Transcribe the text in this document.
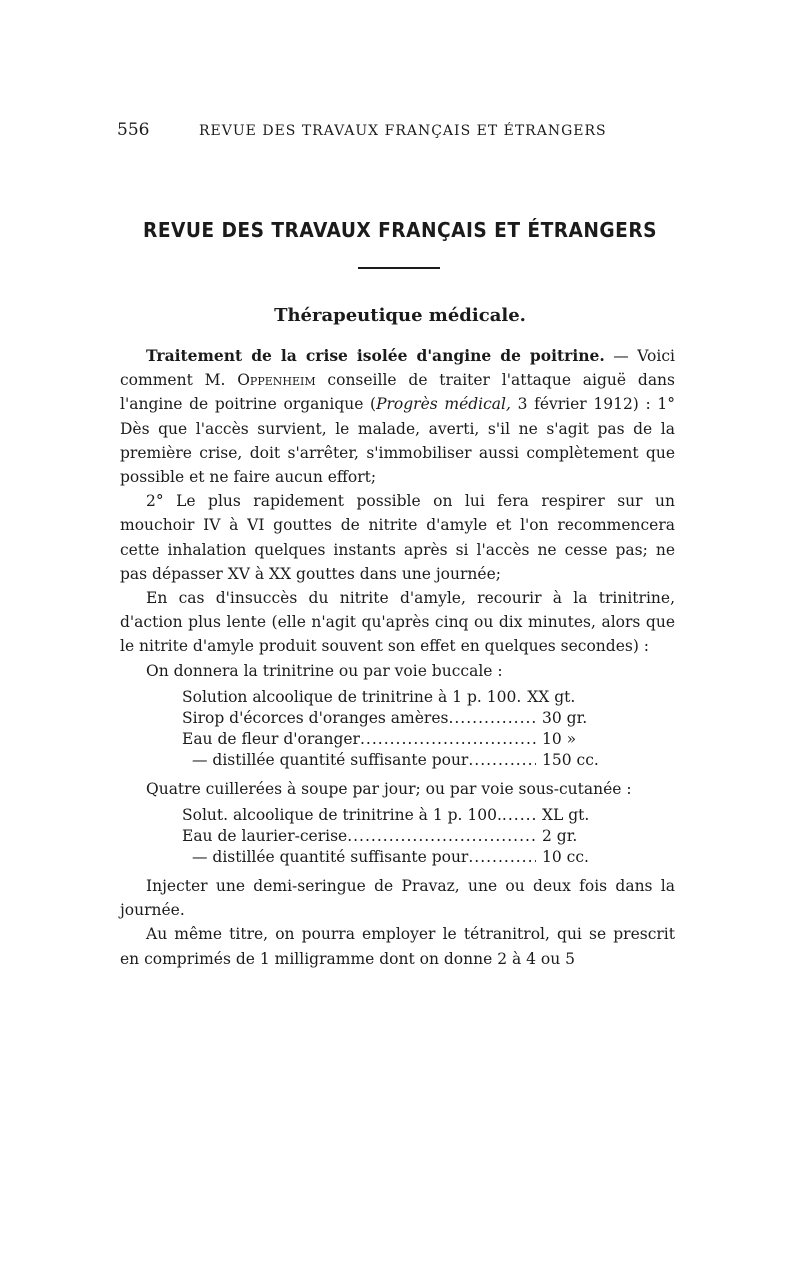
556	REVUE DES TRAVAUX FRANÇAIS ET ÉTRANGERS
REVUE DES TRAVAUX FRANÇAIS ET ÉTRANGERS
Thérapeutique médicale.

Traitement de la crise isolée d'angine de poitrine. — Voici comment M. Oppenheim conseille de traiter l'attaque aiguë dans l'angine de poitrine organique (Progrès médical, 3 février 1912) : 1° Dès que l'accès survient, le malade, averti, s'il ne s'agit pas de la première crise, doit s'arrêter, s'immobiliser aussi complètement que possible et ne faire aucun effort;

2° Le plus rapidement possible on lui fera respirer sur un mouchoir IV à VI gouttes de nitrite d'amyle et l'on recommencera cette inhalation quelques instants après si l'accès ne cesse pas; ne pas dépasser XV à XX gouttes dans une journée;

En cas d'insuccès du nitrite d'amyle, recourir à la trinitrine, d'action plus lente (elle n'agit qu'après cinq ou dix minutes, alors que le nitrite d'amyle produit souvent son effet en quelques secondes) :

On donnera la trinitrine ou par voie buccale :

Solution alcoolique de trinitrine à 1 p. 100. XX gt.
Sirop d'écorces d'oranges amères .....	30 gr.
Eau de fleur d'oranger .....	10 »
— distillée quantité suffisante pour .....	150 cc.

Quatre cuillerées à soupe par jour; ou par voie sous-cutanée :

Solut. alcoolique de trinitrine à 1 p. 100. .....	XL gt.
Eau de laurier-cerise .....	2 gr.
— distillée quantité suffisante pour .....	10 cc.

Injecter une demi-seringue de Pravaz, une ou deux fois dans la journée.

Au même titre, on pourra employer le tétranitrol, qui se prescrit en comprimés de 1 milligramme dont on donne 2 à 4 ou 5
